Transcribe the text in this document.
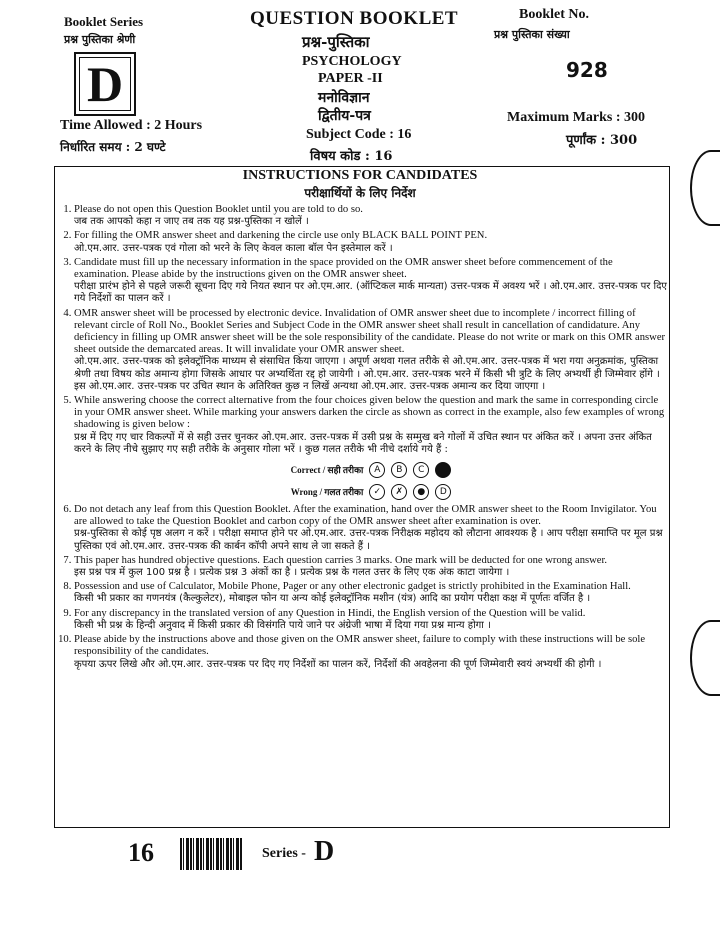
Booklet Series
प्रश्न पुस्तिका श्रेणी
D
Time Allowed : 2 Hours
निर्धारित समय : 2 घण्टे
QUESTION BOOKLET
प्रश्न-पुस्तिका
PSYCHOLOGY
PAPER -II
मनोविज्ञान
द्वितीय-पत्र
Subject Code : 16
विषय कोड : 16
Booklet No.
प्रश्न पुस्तिका संख्या
928
Maximum Marks : 300
पूर्णांक : 300
INSTRUCTIONS FOR CANDIDATES
परीक्षार्थियों के लिए निर्देश
1. Please do not open this Question Booklet until you are told to do so.
जब तक आपको कहा न जाए तब तक यह प्रश्न-पुस्तिका न खोलें ।
2. For filling the OMR answer sheet and darkening the circle use only BLACK BALL POINT PEN.
ओ.एम.आर. उत्तर-पत्रक एवं गोला को भरने के लिए केवल काला बॉल पेन इस्तेमाल करें ।
3. Candidate must fill up the necessary information in the space provided on the OMR answer sheet before commencement of the examination. Please abide by the instructions given on the OMR answer sheet.
परीक्षा प्रारंभ होने से पहले जरूरी सूचना दिए गये नियत स्थान पर ओ.एम.आर. (ऑप्टिकल मार्क मान्यता) उत्तर-पत्रक में अवश्य भरें । ओ.एम.आर. उत्तर-पत्रक पर दिए गये निर्देशों का पालन करें ।
4. OMR answer sheet will be processed by electronic device. Invalidation of OMR answer sheet due to incomplete / incorrect filling of relevant circle of Roll No., Booklet Series and Subject Code in the OMR answer sheet shall result in cancellation of candidature. Any deficiency in filling up OMR answer sheet will be the sole responsibility of the candidate. Please do not write or mark on this OMR answer sheet outside the demarcated areas. It will invalidate your OMR answer sheet.
ओ.एम.आर. उत्तर-पत्रक को इलेक्ट्रॉनिक माध्यम से संसाधित किया जाएगा । अपूर्ण अथवा गलत तरीके से ओ.एम.आर. उत्तर-पत्रक में भरा गया अनुक्रमांक, पुस्तिका श्रेणी तथा विषय कोड अमान्य होगा जिसके आधार पर अभ्यर्थिता रद्द हो जायेगी । ओ.एम.आर. उत्तर-पत्रक भरने में किसी भी त्रुटि के लिए अभ्यर्थी ही जिम्मेवार होंगे । इस ओ.एम.आर. उत्तर-पत्रक पर उचित स्थान के अतिरिक्त कुछ न लिखें अन्यथा ओ.एम.आर. उत्तर-पत्रक अमान्य कर दिया जाएगा ।
5. While answering choose the correct alternative from the four choices given below the question and mark the same in corresponding circle in your OMR answer sheet. While marking your answers darken the circle as shown as correct in the example, also few examples of wrong shadowing is given below :
प्रश्न में दिए गए चार विकल्पों में से सही उत्तर चुनकर ओ.एम.आर. उत्तर-पत्रक में उसी प्रश्न के सम्मुख बने गोलों में उचित स्थान पर अंकित करें । अपना उत्तर अंकित करने के लिए नीचे सुझाए गए सही तरीके के अनुसार गोला भरें । कुछ गलत तरीके भी नीचे दर्शाये गये हैं :
Correct / सही तरीका	A	B	C
Wrong / गलत तरीका	✓	✗	●	D
6. Do not detach any leaf from this Question Booklet. After the examination, hand over the OMR answer sheet to the Room Invigilator. You are allowed to take the Question Booklet and carbon copy of the OMR answer sheet after examination is over.
प्रश्न-पुस्तिका से कोई पृष्ठ अलग न करें । परीक्षा समाप्त होने पर ओ.एम.आर. उत्तर-पत्रक निरीक्षक महोदय को लौटाना आवश्यक है । आप परीक्षा समाप्ति पर मूल प्रश्न पुस्तिका एवं ओ.एम.आर. उत्तर-पत्रक की कार्बन कॉपी अपने साथ ले जा सकते हैं ।
7. This paper has hundred objective questions. Each question carries 3 marks. One mark will be deducted for one wrong answer.
इस प्रश्न पत्र में कुल 100 प्रश्न है । प्रत्येक प्रश्न 3 अंकों का है । प्रत्येक प्रश्न के गलत उत्तर के लिए एक अंक काटा जायेगा ।
8. Possession and use of Calculator, Mobile Phone, Pager or any other electronic gadget is strictly prohibited in the Examination Hall.
किसी भी प्रकार का गणनयंत्र (कैल्कुलेटर), मोबाइल फोन या अन्य कोई इलेक्ट्रॉनिक मशीन (यंत्र) आदि का प्रयोग परीक्षा कक्ष में पूर्णतः वर्जित है ।
9. For any discrepancy in the translated version of any Question in Hindi, the English version of the Question will be valid.
किसी भी प्रश्न के हिन्दी अनुवाद में किसी प्रकार की विसंगति पाये जाने पर अंग्रेजी भाषा में दिया गया प्रश्न मान्य होगा ।
10. Please abide by the instructions above and those given on the OMR answer sheet, failure to comply with these instructions will be sole responsibility of the candidates.
कृपया ऊपर लिखे और ओ.एम.आर. उत्तर-पत्रक पर दिए गए निर्देशों का पालन करें, निर्देशों की अवहेलना की पूर्ण जिम्मेवारी स्वयं अभ्यर्थी की होगी ।
16	Series - D
